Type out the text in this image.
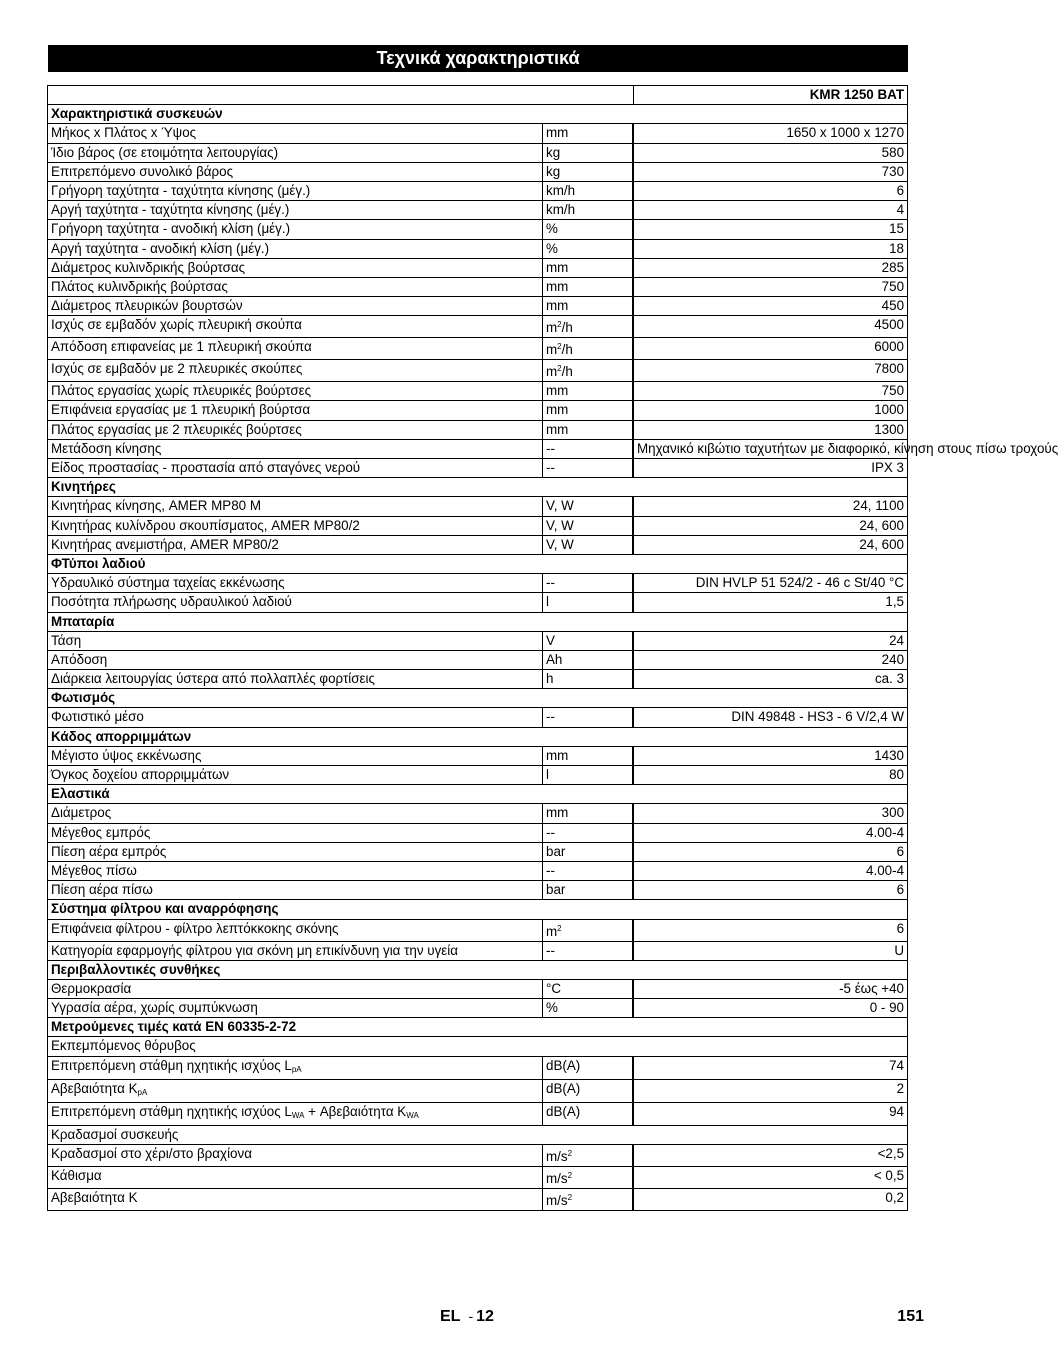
Τεχνικά χαρακτηριστικά
		KMR 1250 BAT
Χαρακτηριστικά συσκευών		
Μήκος x Πλάτος x Ύψος	mm		1650 x 1000 x 1270
Ίδιο βάρος (σε ετοιμότητα λειτουργίας)	kg		580
Επιτρεπόμενο συνολικό βάρος	kg		730
Γρήγορη ταχύτητα - ταχύτητα κίνησης (μέγ.)	km/h		6
Αργή ταχύτητα - ταχύτητα κίνησης (μέγ.)	km/h		4
Γρήγορη ταχύτητα - ανοδική κλίση (μέγ.)	%		15
Αργή ταχύτητα - ανοδική κλίση (μέγ.)	%		18
Διάμετρος κυλινδρικής βούρτσας	mm		285
Πλάτος κυλινδρικής βούρτσας	mm		750
Διάμετρος πλευρικών βουρτσών	mm		450
Ισχύς σε εμβαδόν χωρίς πλευρική σκούπα	$m^2/h$		4500
Απόδοση επιφανείας με 1 πλευρική σκούπα	$m^2/h$		6000
Ισχύς σε εμβαδόν με 2 πλευρικές σκούπες	$m^2/h$		7800
Πλάτος εργασίας χωρίς πλευρικές βούρτσες	mm		750
Επιφάνεια εργασίας με 1 πλευρική βούρτσα	mm		1000
Πλάτος εργασίας με 2 πλευρικές βούρτσες	mm		1300
Μετάδοση κίνησης	--		Μηχανικό κιβώτιο ταχυτήτων με διαφορικό, κίνηση στους πίσω τροχούς
Είδος προστασίας - προστασία από σταγόνες νερού	--		IPX 3
Κινητήρες		
Κινητήρας κίνησης, AMER MP80 M	V, W		24, 1100
Κινητήρας κυλίνδρου σκουπίσματος, AMER MP80/2	V, W		24, 600
Κινητήρας ανεμιστήρα, AMER MP80/2	V, W		24, 600
ΦΤύποι λαδιού		
Υδραυλικό σύστημα ταχείας εκκένωσης	--		DIN HVLP 51 524/2 - 46 c St/40 °C
Ποσότητα πλήρωσης υδραυλικού λαδιού	l		1,5
Μπαταρία		
Τάση	V		24
Απόδοση	Ah		240
Διάρκεια λειτουργίας ύστερα από πολλαπλές φορτίσεις	h		ca. 3
Φωτισμός		
Φωτιστικό μέσο	--		DIN 49848 - HS3 - 6 V/2,4 W
Κάδος απορριμμάτων		
Μέγιστο ύψος εκκένωσης	mm		1430
Όγκος δοχείου απορριμμάτων	l		80
Ελαστικά		
Διάμετρος	mm		300
Μέγεθος εμπρός	--		4.00-4
Πίεση αέρα εμπρός	bar		6
Μέγεθος πίσω	--		4.00-4
Πίεση αέρα πίσω	bar		6
Σύστημα φίλτρου και αναρρόφησης		
Επιφάνεια φίλτρου - φίλτρο λεπτόκκοκης σκόνης	$m^2$		6
Κατηγορία εφαρμογής φίλτρου για σκόνη μη επικίνδυνη για την υγεία	--		U
Περιβαλλοντικές συνθήκες		
Θερμοκρασία	°C		-5 έως +40
Υγρασία αέρα, χωρίς συμπύκνωση	%		0 - 90
Μετρούμενες τιμές κατά EN 60335-2-72		
Εκπεμπόμενος θόρυβος		
Επιτρεπόμενη στάθμη ηχητικής ισχύος $L_{pA}$	dB(A)		74
Αβεβαιότητα $K_{pA}$	dB(A)		2
Επιτρεπόμενη στάθμη ηχητικής ισχύος $L_{WA} + A\beta\varepsilon\beta\alpha\iota ό\tau\eta\tau\alpha$ $K_{WA}$	dB(A)		94
Κραδασμοί συσκευής		
Κραδασμοί στο χέρι/στο βραχίονα	$m/s^2$		<2,5
Κάθισμα	$m/s^2$		< 0,5
Αβεβαιότητα K	$m/s^2$		0,2
EL - 12	151
